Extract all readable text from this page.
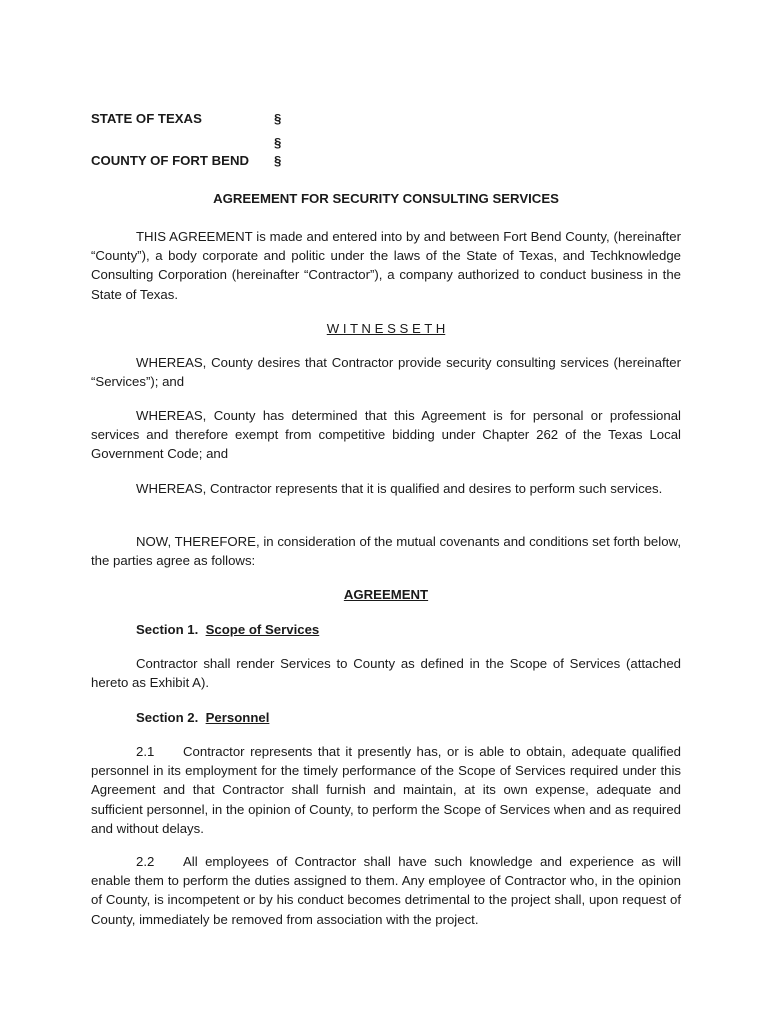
STATE OF TEXAS	§
§
COUNTY OF FORT BEND §
AGREEMENT FOR SECURITY CONSULTING SERVICES

THIS AGREEMENT is made and entered into by and between Fort Bend County, (hereinafter “County”), a body corporate and politic under the laws of the State of Texas, and Techknowledge Consulting Corporation (hereinafter “Contractor”), a company authorized to conduct business in the State of Texas.

W I T N E S S E T H

WHEREAS, County desires that Contractor provide security consulting services (hereinafter “Services”); and

WHEREAS, County has determined that this Agreement is for personal or professional services and therefore exempt from competitive bidding under Chapter 262 of the Texas Local Government Code; and

WHEREAS, Contractor represents that it is qualified and desires to perform such services.

NOW, THEREFORE, in consideration of the mutual covenants and conditions set forth below, the parties agree as follows:

AGREEMENT
Section 1. Scope of Services

Contractor shall render Services to County as defined in the Scope of Services (attached hereto as Exhibit A).

Section 2. Personnel

2.1 Contractor represents that it presently has, or is able to obtain, adequate qualified personnel in its employment for the timely performance of the Scope of Services required under this Agreement and that Contractor shall furnish and maintain, at its own expense, adequate and sufficient personnel, in the opinion of County, to perform the Scope of Services when and as required and without delays.

2.2 All employees of Contractor shall have such knowledge and experience as will enable them to perform the duties assigned to them. Any employee of Contractor who, in the opinion of County, is incompetent or by his conduct becomes detrimental to the project shall, upon request of County, immediately be removed from association with the project.
